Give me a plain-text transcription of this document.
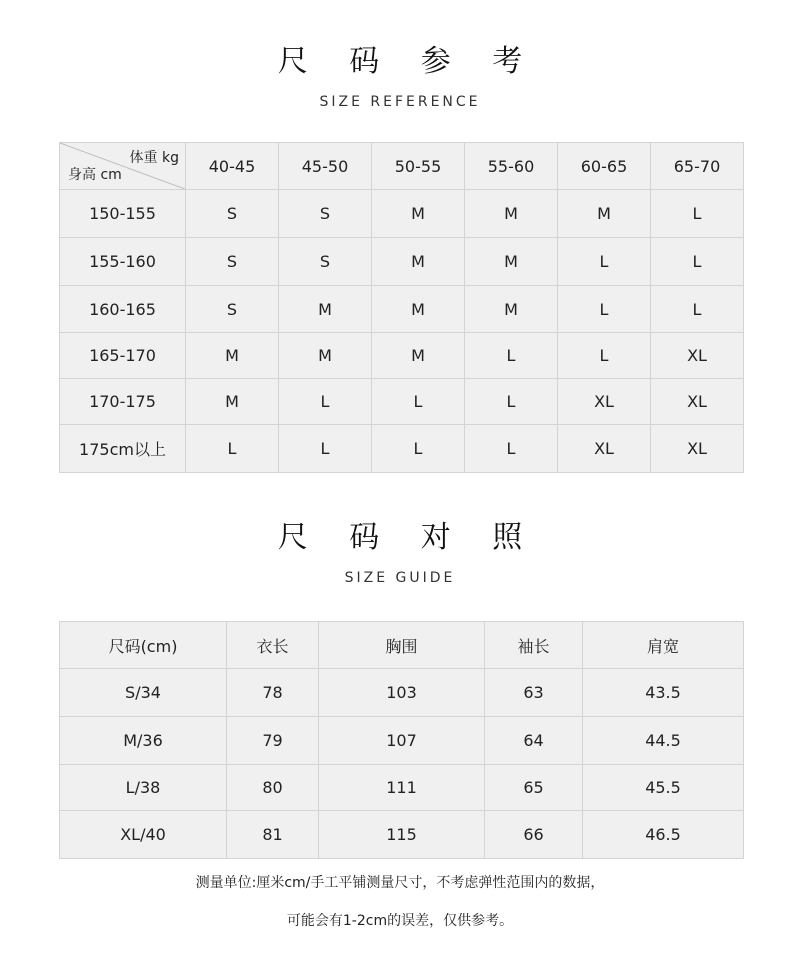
尺 码 参 考
SIZE REFERENCE
体重 kg
身高 cm	40-45	45-50	50-55	55-60	60-65	65-70
150-155	S	S	M	M	M	L
155-160	S	S	M	M	L	L
160-165	S	M	M	M	L	L
165-170	M	M	M	L	L	XL
170-175	M	L	L	L	XL	XL
175cm以上	L	L	L	L	XL	XL
尺 码 对 照
SIZE GUIDE
尺码(cm)	衣长	胸围	袖长	肩宽
S/34	78	103	63	43.5
M/36	79	107	64	44.5
L/38	80	111	65	45.5
XL/40	81	115	66	46.5
测量单位:厘米cm/手工平铺测量尺寸，不考虑弹性范围内的数据，
可能会有1-2cm的误差，仅供参考。
